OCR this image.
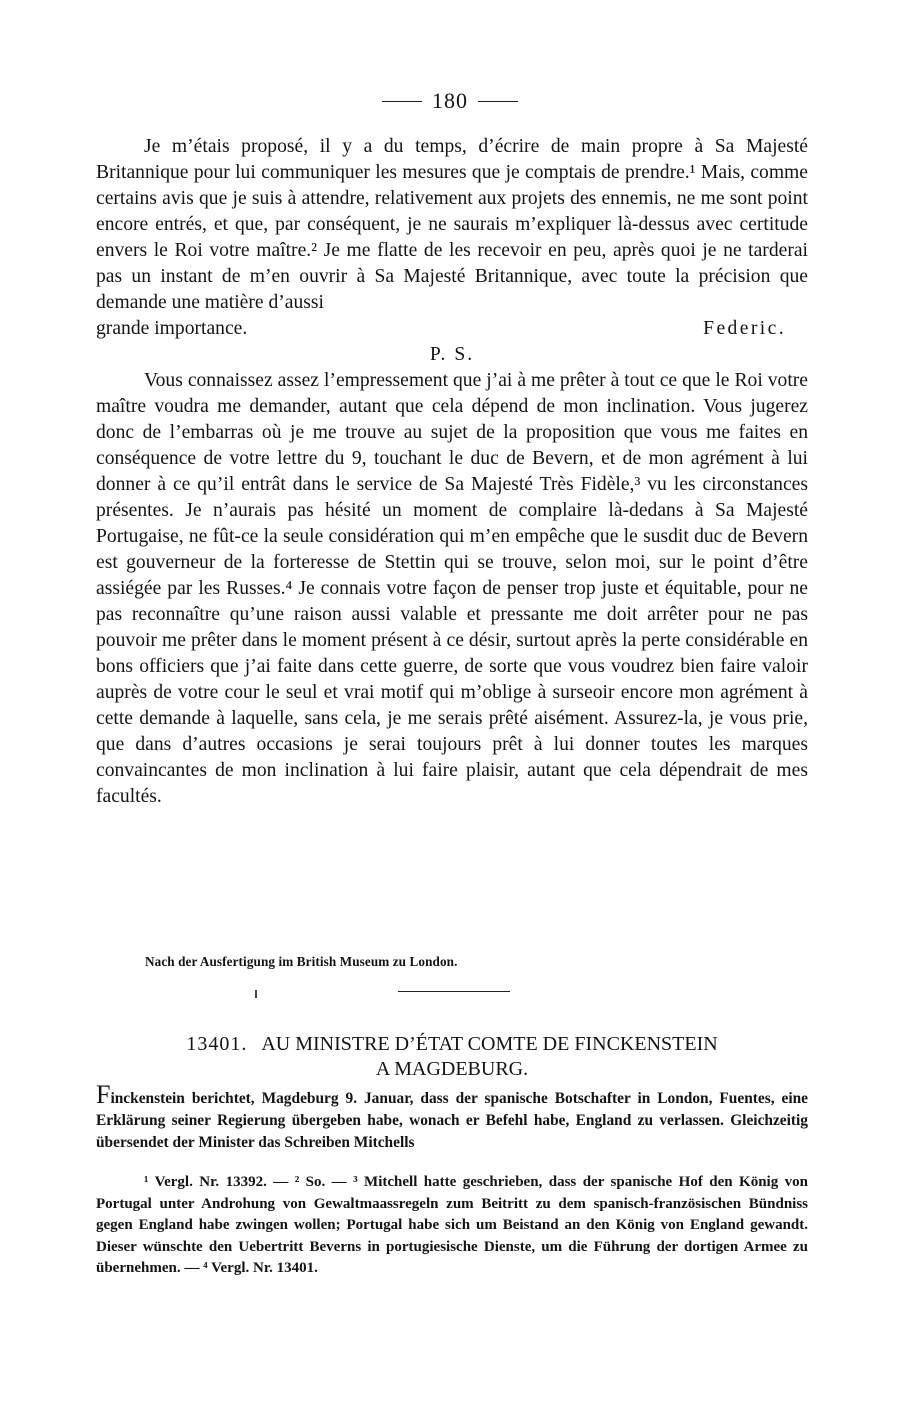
180

Je m’étais proposé, il y a du temps, d’écrire de main propre à Sa Majesté Britannique pour lui communiquer les mesures que je comptais de prendre.¹ Mais, comme certains avis que je suis à attendre, relativement aux projets des ennemis, ne me sont point encore entrés, et que, par conséquent, je ne saurais m’expliquer là-dessus avec certitude envers le Roi votre maître.² Je me flatte de les recevoir en peu, après quoi je ne tarderai pas un instant de m’en ouvrir à Sa Majesté Britannique, avec toute la précision que demande une matière d’aussi

grande importance.	Federic.
P. S.

Vous connaissez assez l’empressement que j’ai à me prêter à tout ce que le Roi votre maître voudra me demander, autant que cela dépend de mon inclination. Vous jugerez donc de l’embarras où je me trouve au sujet de la proposition que vous me faites en conséquence de votre lettre du 9, touchant le duc de Bevern, et de mon agrément à lui donner à ce qu’il entrât dans le service de Sa Majesté Très Fidèle,³ vu les circonstances présentes. Je n’aurais pas hésité un moment de complaire là-dedans à Sa Majesté Portugaise, ne fût-ce la seule considération qui m’en empêche que le susdit duc de Bevern est gouverneur de la forteresse de Stettin qui se trouve, selon moi, sur le point d’être assiégée par les Russes.⁴ Je connais votre façon de penser trop juste et équitable, pour ne pas reconnaître qu’une raison aussi valable et pressante me doit arrêter pour ne pas pouvoir me prêter dans le moment présent à ce désir, surtout après la perte considérable en bons officiers que j’ai faite dans cette guerre, de sorte que vous voudrez bien faire valoir auprès de votre cour le seul et vrai motif qui m’oblige à surseoir encore mon agrément à cette demande à laquelle, sans cela, je me serais prêté aisément. Assurez-la, je vous prie, que dans d’autres occasions je serai toujours prêt à lui donner toutes les marques convaincantes de mon inclination à lui faire plaisir, autant que cela dépendrait de mes facultés.

Nach der Ausfertigung im British Museum zu London.
13401. AU MINISTRE D’ÉTAT COMTE DE FINCKENSTEIN
A MAGDEBURG.
Finckenstein berichtet, Magdeburg 9. Januar, dass der spanische Botschafter in London, Fuentes, eine Erklärung seiner Regierung übergeben habe, wonach er Befehl habe, England zu verlassen. Gleichzeitig übersendet der Minister das Schreiben Mitchells

¹ Vergl. Nr. 13392. — ² So. — ³ Mitchell hatte geschrieben, dass der spanische Hof den König von Portugal unter Androhung von Gewaltmaassregeln zum Beitritt zu dem spanisch-französischen Bündniss gegen England habe zwingen wollen; Portugal habe sich um Beistand an den König von England gewandt. Dieser wünschte den Uebertritt Beverns in portugiesische Dienste, um die Führung der dortigen Armee zu übernehmen. — ⁴ Vergl. Nr. 13401.
